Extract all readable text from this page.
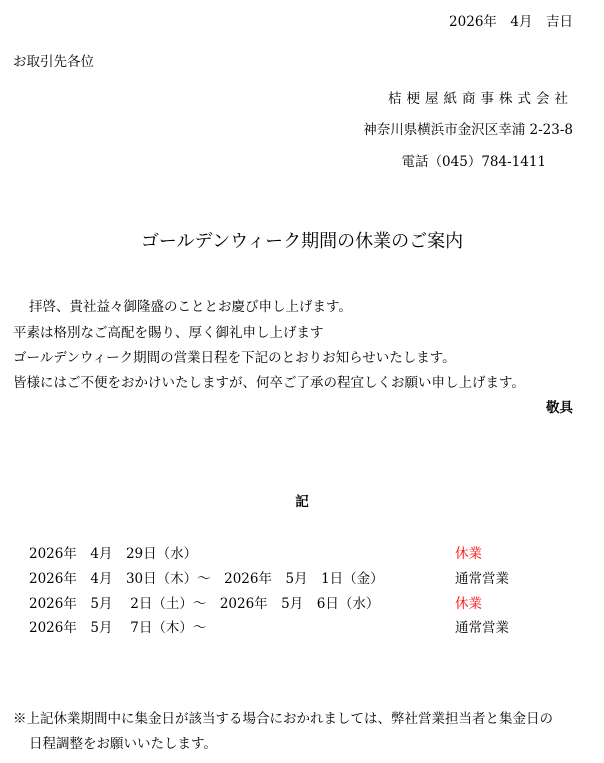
2026年　4月　吉日
お取引先各位
桔梗屋紙商事株式会社
神奈川県横浜市金沢区幸浦 2-23-8
電話（045）784-1411
ゴールデンウィーク期間の休業のご案内
拝啓、貴社益々御隆盛のこととお慶び申し上げます。
平素は格別なご高配を賜り、厚く御礼申し上げます
ゴールデンウィーク期間の営業日程を下記のとおりお知らせいたします。
皆様にはご不便をおかけいたしますが、何卒ご了承の程宜しくお願い申し上げます。
敬具
記
2026年　4月　29日（水）	休業
2026年　4月　30日（木）～　2026年　5月　1日（金）	通常営業
2026年　5月　 2日（土）～　2026年　5月　6日（水）	休業
2026年　5月　 7日（木）～	通常営業
※上記休業期間中に集金日が該当する場合におかれましては、弊社営業担当者と集金日の
日程調整をお願いいたします。
